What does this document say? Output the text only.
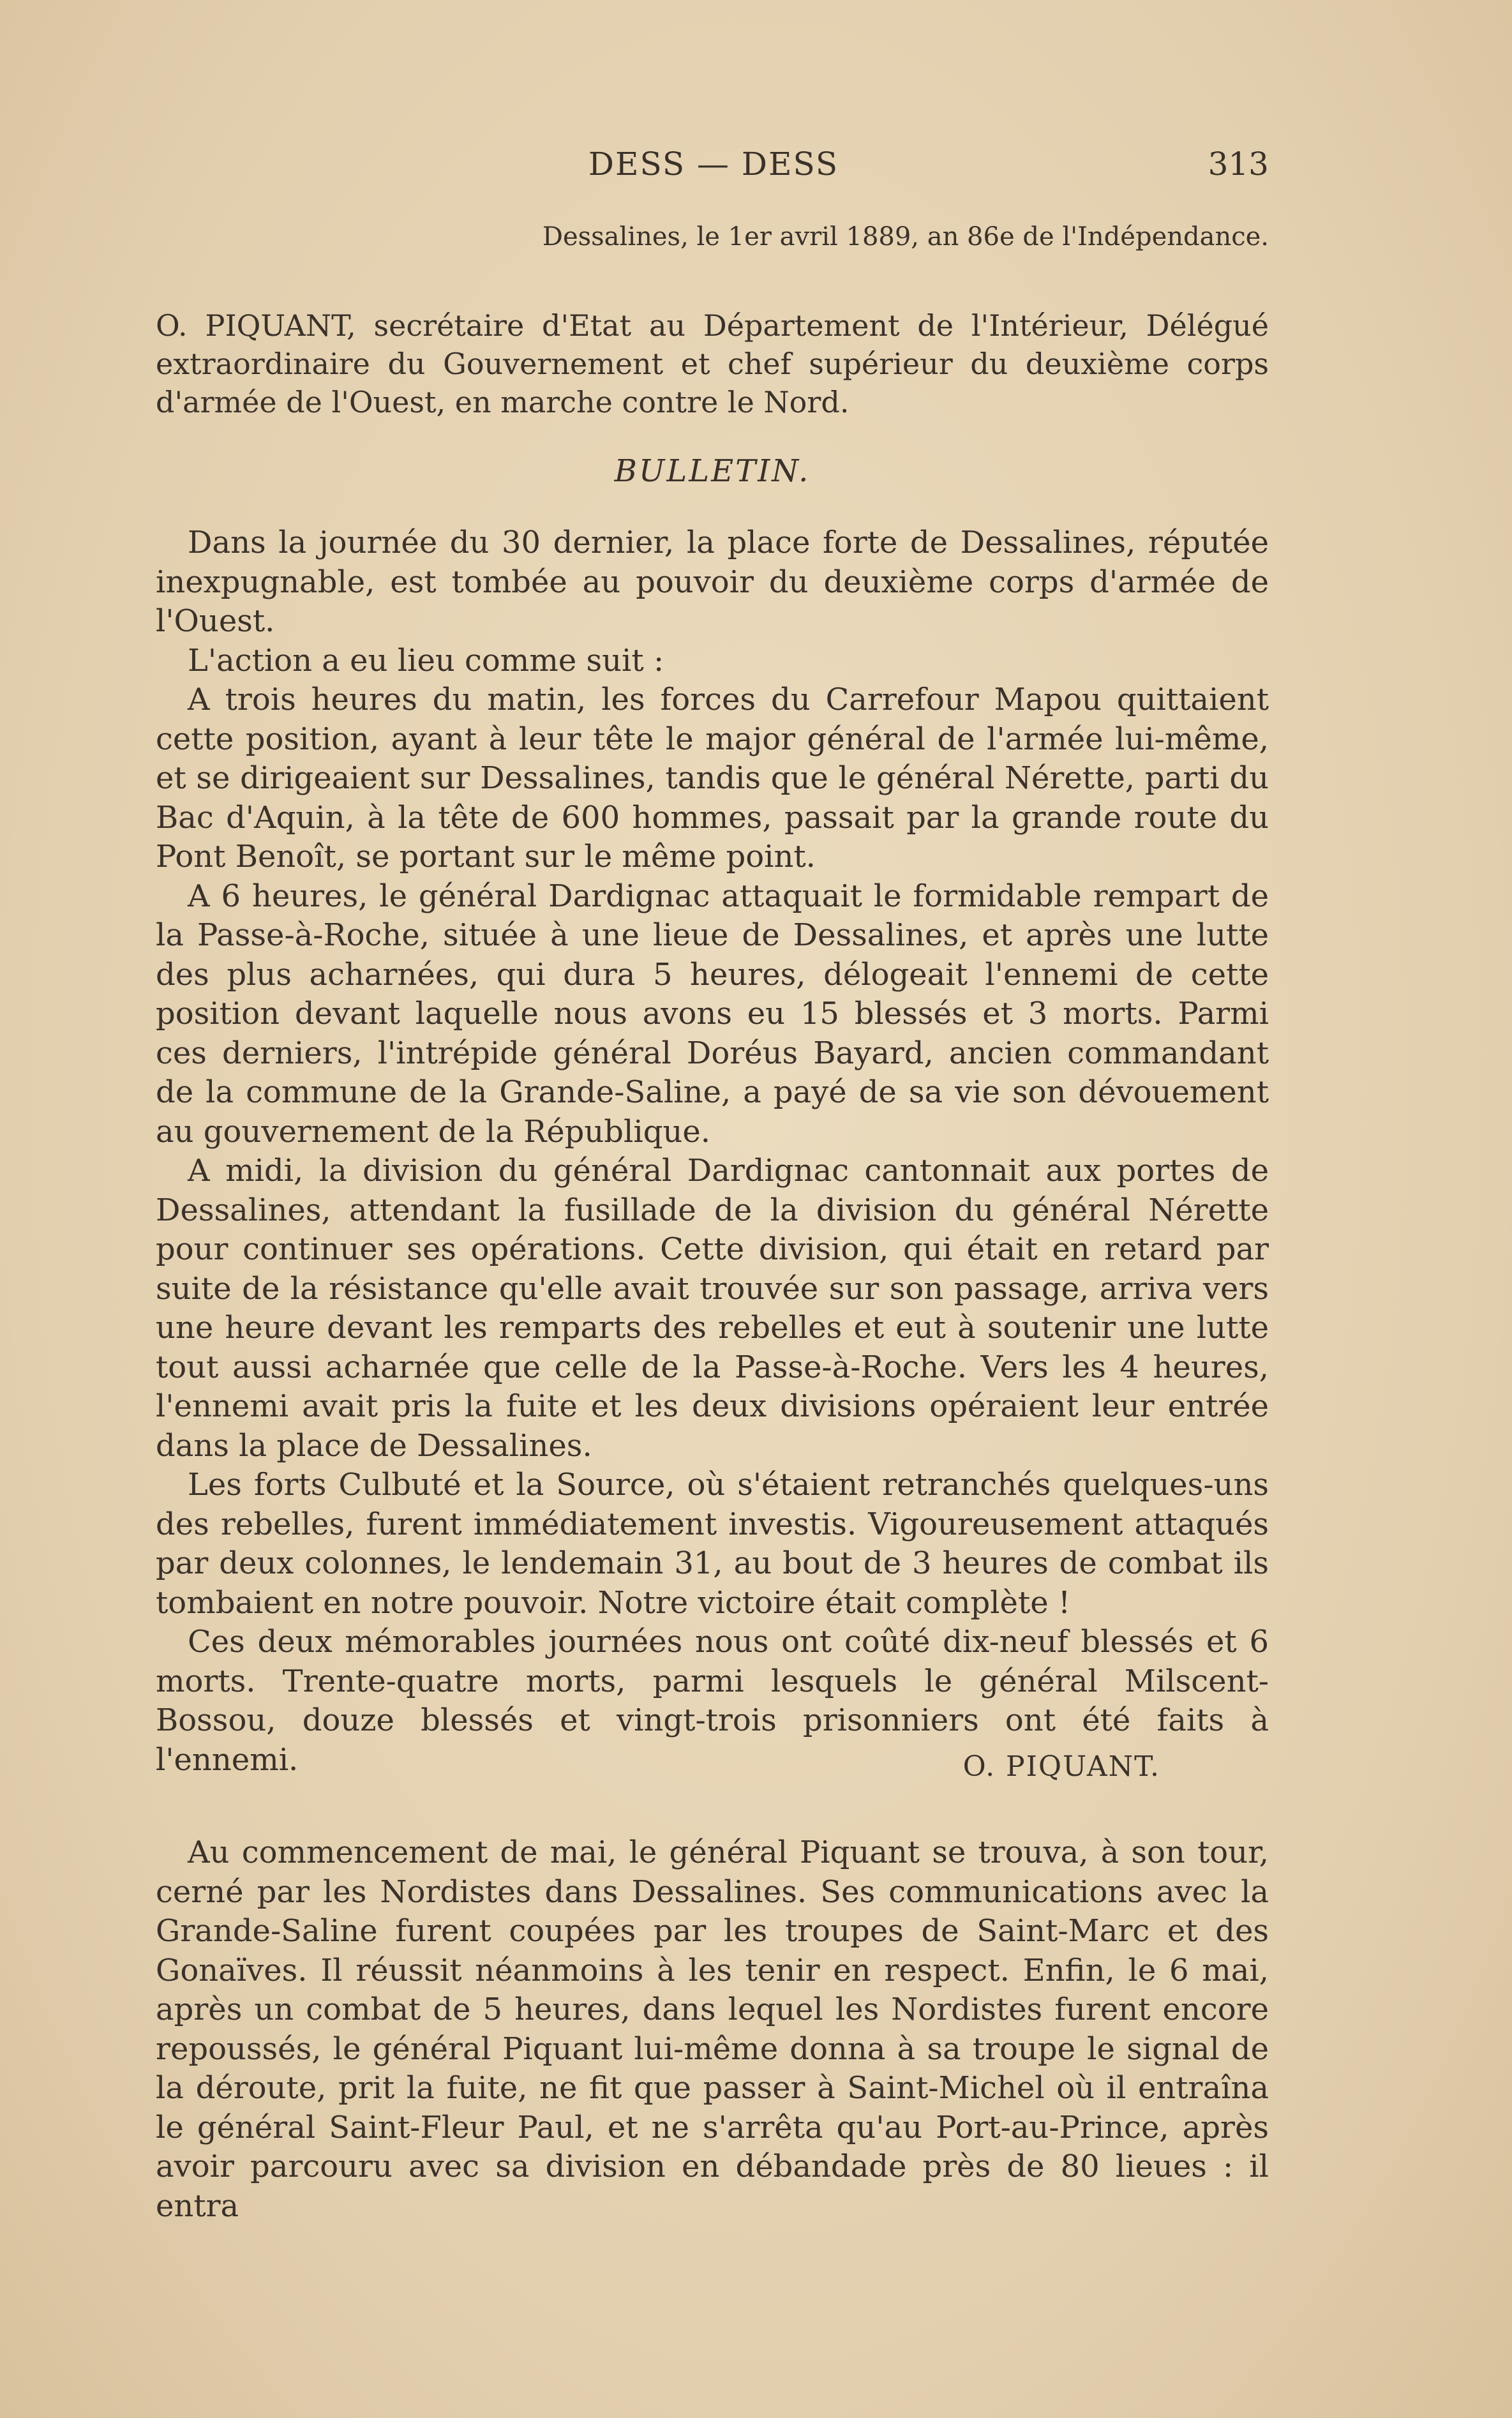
DESS — DESS	313
Dessalines, le 1er avril 1889, an 86e de l'Indépendance.
O. PIQUANT, secrétaire d'Etat au Département de l'Intérieur, Délégué extraordinaire du Gouvernement et chef supérieur du deuxième corps d'armée de l'Ouest, en marche contre le Nord.
BULLETIN.

Dans la journée du 30 dernier, la place forte de Dessalines, réputée inexpugnable, est tombée au pouvoir du deuxième corps d'armée de l'Ouest.

L'action a eu lieu comme suit :

A trois heures du matin, les forces du Carrefour Mapou quittaient cette position, ayant à leur tête le major général de l'armée lui-même, et se dirigeaient sur Dessalines, tandis que le général Nérette, parti du Bac d'Aquin, à la tête de 600 hommes, passait par la grande route du Pont Benoît, se portant sur le même point.

A 6 heures, le général Dardignac attaquait le formidable rempart de la Passe-à-Roche, située à une lieue de Dessalines, et après une lutte des plus acharnées, qui dura 5 heures, délogeait l'ennemi de cette position devant laquelle nous avons eu 15 blessés et 3 morts. Parmi ces derniers, l'intrépide général Doréus Bayard, ancien commandant de la commune de la Grande-Saline, a payé de sa vie son dévouement au gouvernement de la République.

A midi, la division du général Dardignac cantonnait aux portes de Dessalines, attendant la fusillade de la division du général Nérette pour continuer ses opérations. Cette division, qui était en retard par suite de la résistance qu'elle avait trouvée sur son passage, arriva vers une heure devant les remparts des rebelles et eut à soutenir une lutte tout aussi acharnée que celle de la Passe-à-Roche. Vers les 4 heures, l'ennemi avait pris la fuite et les deux divisions opéraient leur entrée dans la place de Dessalines.

Les forts Culbuté et la Source, où s'étaient retranchés quelques-uns des rebelles, furent immédiatement investis. Vigoureusement attaqués par deux colonnes, le lendemain 31, au bout de 3 heures de combat ils tombaient en notre pouvoir. Notre victoire était complète !

Ces deux mémorables journées nous ont coûté dix-neuf blessés et 6 morts. Trente-quatre morts, parmi lesquels le général Milscent-Bossou, douze blessés et vingt-trois prisonniers ont été faits à l'ennemi.	O. PIQUANT.

Au commencement de mai, le général Piquant se trouva, à son tour, cerné par les Nordistes dans Dessalines. Ses communications avec la Grande-Saline furent coupées par les troupes de Saint-Marc et des Gonaïves. Il réussit néanmoins à les tenir en respect. Enfin, le 6 mai, après un combat de 5 heures, dans lequel les Nordistes furent encore repoussés, le général Piquant lui-même donna à sa troupe le signal de la déroute, prit la fuite, ne fit que passer à Saint-Michel où il entraîna le général Saint-Fleur Paul, et ne s'arrêta qu'au Port-au-Prince, après avoir parcouru avec sa division en débandade près de 80 lieues : il entra
